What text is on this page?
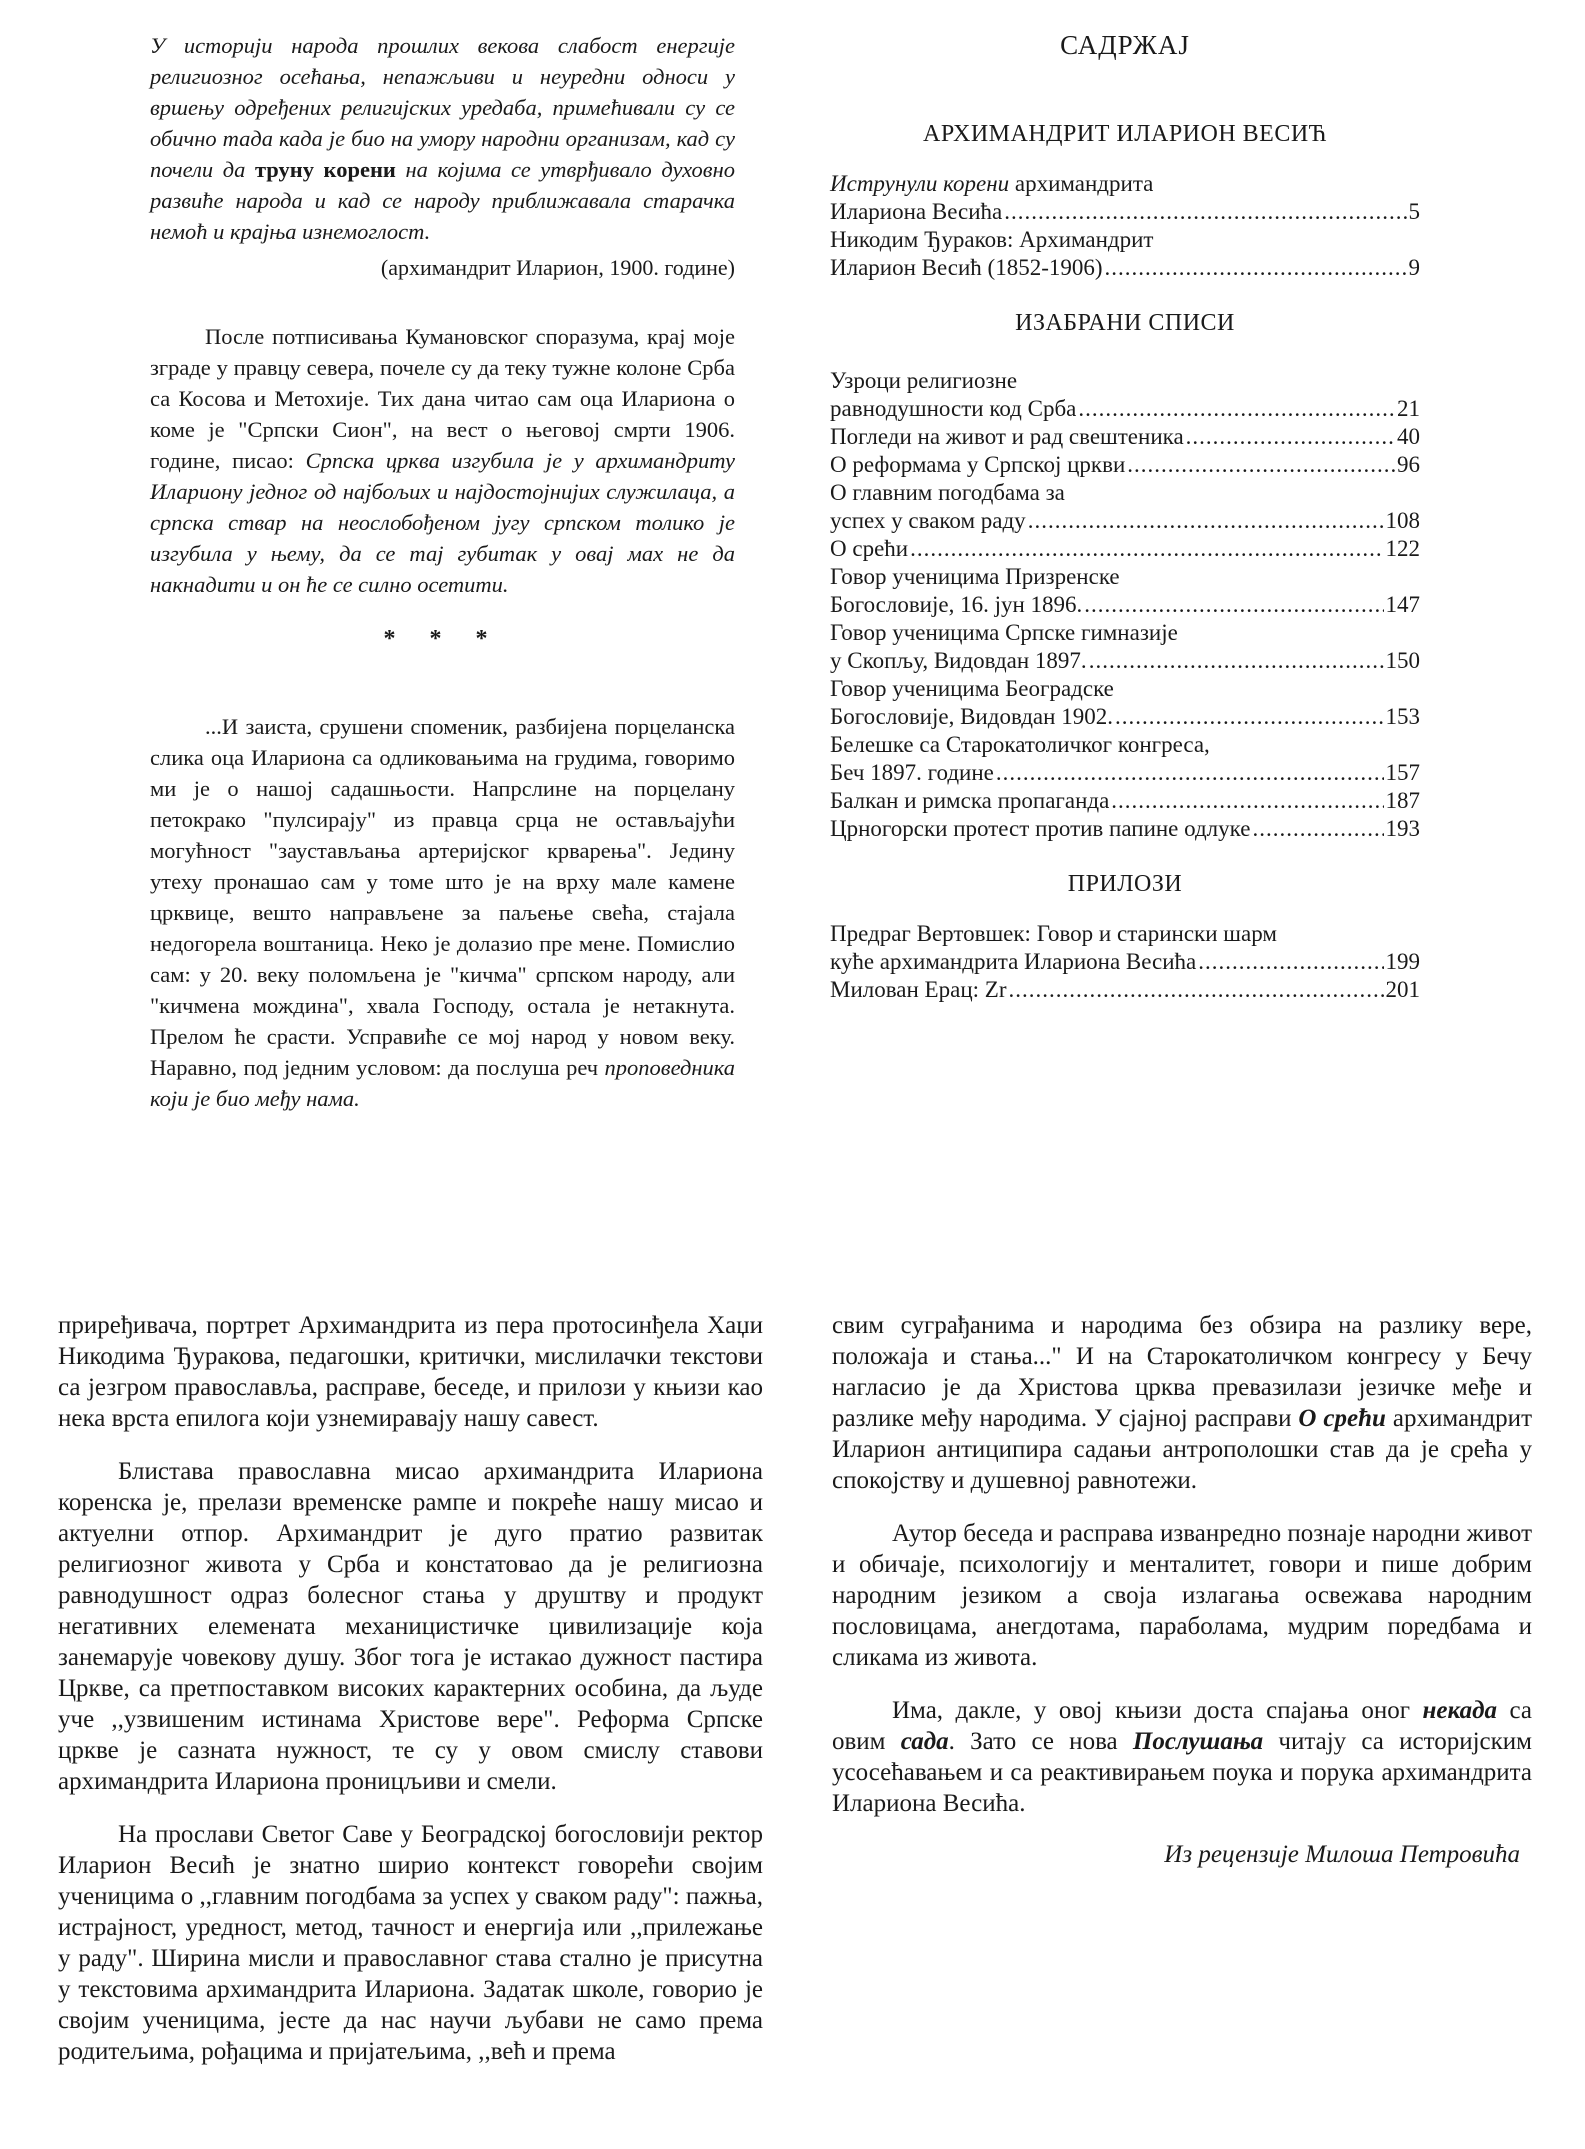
У историји народа прошлих векова слабост енергије религиозног осећања, непажљиви и неуредни односи у вршењу одређених религијских уредаба, примећивали су се обично тада када је био на умору народни организам, кад су почели да труну корени на којима се утврђивало духовно развиће народа и кад се народу приближавала старачка немоћ и крајња изнемоглост.

(архимандрит Иларион, 1900. године)

После потписивања Кумановског споразума, крај моје зграде у правцу севера, почеле су да теку тужне колоне Срба са Косова и Метохије. Тих дана читао сам оца Илариона о коме је "Српски Сион", на вест о његовој смрти 1906. године, писао: Српска црква изгубила је у архимандриту Илариону једног од најбољих и најдостојнијих служилаца, а српска ствар на неослобођеном југу српском толико је изгубила у њему, да се тај губитак у овај мах не да накнадити и он ће се силно осетити.

* * *

...И заиста, срушени споменик, разбијена порцеланска слика оца Илариона са одликовањима на грудима, говоримо ми је о нашој садашњости. Напрслине на порцелану петокрако "пулсирају" из правца срца не остављајући могућност "заустављања артеријског крварења". Једину утеху пронашао сам у томе што је на врху мале камене црквице, вешто направљене за паљење свећа, стајала недогорела воштаница. Неко је долазио пре мене. Помислио сам: у 20. веку поломљена је "кичма" српском народу, али "кичмена мождина", хвала Господу, остала је нетакнута. Прелом ће срасти. Усправиће се мој народ у новом веку. Наравно, под једним условом: да послуша реч проповедника који је био међу нама.

САДРЖАЈ
АРХИМАНДРИТ ИЛАРИОН ВЕСИЋ
Иструнули корени архимандрита
Илариона Весића .....	5
Никодим Ђураков: Архимандрит
Иларион Весић (1852-1906) .....	9
ИЗАБРАНИ СПИСИ
Узроци религиозне
равнодушности код Срба .....	21
Погледи на живот и рад свештеника .....	40
О реформама у Српској цркви .....	96
О главним погодбама за
успех у сваком раду .....	108
О срећи .....	122
Говор ученицима Призренске
Богословије, 16. јун 1896. .....	147
Говор ученицима Српске гимназије
у Скопљу, Видовдан 1897. .....	150
Говор ученицима Београдске
Богословије, Видовдан 1902. .....	153
Белешке са Старокатоличког конгреса,
Беч 1897. године .....	157
Балкан и римска пропаганда .....	187
Црногорски протест против папине одлуке .....	193
ПРИЛОЗИ
Предраг Вертовшек: Говор и старински шарм
куће архимандрита Илариона Весића .....	199
Милован Ерац: Zr .....	201

приређивача, портрет Архимандрита из пера протосинђела Хаџи Никодима Ђуракова, педагошки, критички, мислилачки текстови са језгром православља, расправе, беседе, и прилози у књизи као нека врста епилога који узнемиравају нашу савест.

Блистава православна мисао архимандрита Илариона коренска је, прелази временске рампе и покреће нашу мисао и актуелни отпор. Архимандрит је дуго пратио развитак религиозног живота у Срба и констатовао да је религиозна равнодушност одраз болесног стања у друштву и продукт негативних елемената механицистичке цивилизације која занемарује човекову душу. Због тога је истакао дужност пастира Цркве, са претпоставком високих карактерних особина, да људе уче ,,узвишеним истинама Христове вере". Реформа Српске цркве је сазната нужност, те су у овом смислу ставови архимандрита Илариона проницљиви и смели.

На прослави Светог Саве у Београдској богословији ректор Иларион Весић је знатно ширио контекст говорећи својим ученицима о ,,главним погодбама за успех у сваком раду": пажња, истрајност, уредност, метод, тачност и енергија или ,,прилежање у раду". Ширина мисли и православног става стално је присутна у текстовима архимандрита Илариона. Задатак школе, говорио је својим ученицима, јесте да нас научи љубави не само према родитељима, рођацима и пријатељима, ,,већ и према

свим суграђанима и народима без обзира на разлику вере, положаја и стања..." И на Старокатоличком конгресу у Бечу нагласио је да Христова црква превазилази језичке међе и разлике међу народима. У сјајној расправи О срећи архимандрит Иларион антиципира садањи антрополошки став да је срећа у спокојству и душевној равнотежи.

Аутор беседа и расправа изванредно познаје народни живот и обичаје, психологију и менталитет, говори и пише добрим народним језиком а своја излагања освежава народним пословицама, анегдотама, параболама, мудрим поредбама и сликама из живота.

Има, дакле, у овој књизи доста спајања оног некада са овим сада. Зато се нова Послушања читају са историјским усосећавањем и са реактивирањем поука и порука архимандрита Илариона Весића.

Из рецензије Милоша Петровића
